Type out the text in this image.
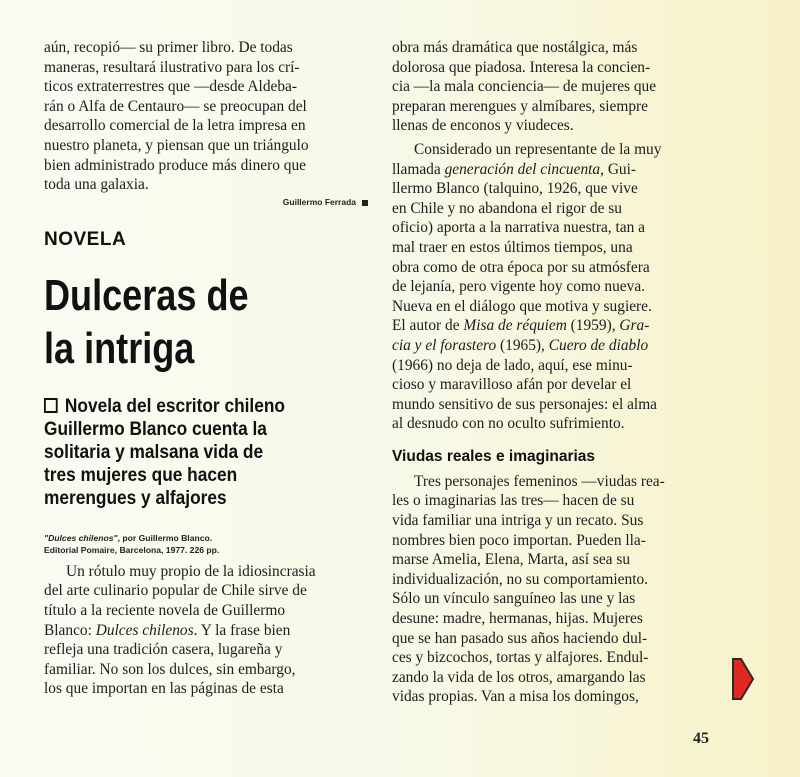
aún, recopió— su primer libro. De todas
maneras, resultará ilustrativo para los crí-
ticos extraterrestres que —desde Aldeba-
rán o Alfa de Centauro— se preocupan del
desarrollo comercial de la letra impresa en
nuestro planeta, y piensan que un triángulo
bien administrado produce más dinero que
toda una galaxia.

Guillermo Ferrada
NOVELA
Dulceras de
la intriga
Novela del escritor chileno
Guillermo Blanco cuenta la
solitaria y malsana vida de
tres mujeres que hacen
merengues y alfajores
"Dulces chilenos", por Guillermo Blanco.
Editorial Pomaire, Barcelona, 1977. 226 pp.

Un rótulo muy propio de la idiosincrasia
del arte culinario popular de Chile sirve de
título a la reciente novela de Guillermo
Blanco: Dulces chilenos. Y la frase bien
refleja una tradición casera, lugareña y
familiar. No son los dulces, sin embargo,
los que importan en las páginas de esta

obra más dramática que nostálgica, más
dolorosa que piadosa. Interesa la concien-
cia —la mala conciencia— de mujeres que
preparan merengues y almíbares, siempre
llenas de enconos y viudeces.

Considerado un representante de la muy
llamada generación del cincuenta, Gui-
llermo Blanco (talquino, 1926, que vive
en Chile y no abandona el rigor de su
oficio) aporta a la narrativa nuestra, tan a
mal traer en estos últimos tiempos, una
obra como de otra época por su atmósfera
de lejanía, pero vigente hoy como nueva.
Nueva en el diálogo que motiva y sugiere.
El autor de Misa de réquiem (1959), Gra-
cia y el forastero (1965), Cuero de diablo
(1966) no deja de lado, aquí, ese minu-
cioso y maravilloso afán por develar el
mundo sensitivo de sus personajes: el alma
al desnudo con no oculto sufrimiento.

Viudas reales e imaginarias

Tres personajes femeninos —viudas rea-
les o imaginarias las tres— hacen de su
vida familiar una intriga y un recato. Sus
nombres bien poco importan. Pueden lla-
marse Amelia, Elena, Marta, así sea su
individualización, no su comportamiento.
Sólo un vínculo sanguíneo las une y las
desune: madre, hermanas, hijas. Mujeres
que se han pasado sus años haciendo dul-
ces y bizcochos, tortas y alfajores. Endul-
zando la vida de los otros, amargando las
vidas propias. Van a misa los domingos,

45
